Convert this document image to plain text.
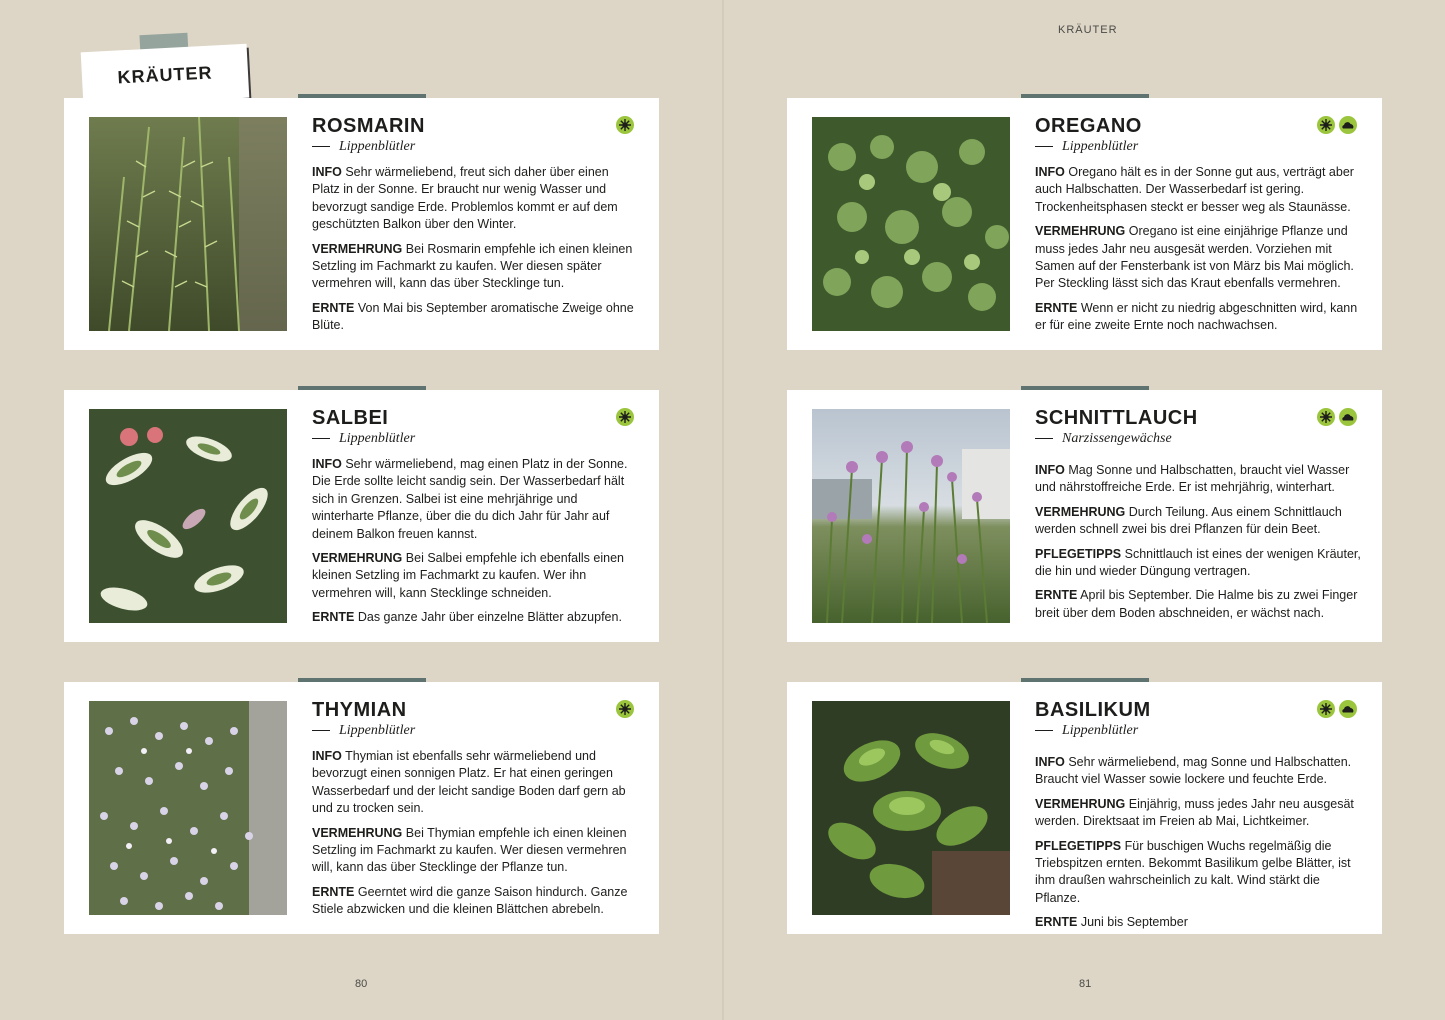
KRÄUTER
KRÄUTER
ROSMARIN
Lippenblütler

INFO Sehr wärmeliebend, freut sich daher über einen Platz in der Sonne. Er braucht nur wenig Wasser und bevorzugt sandige Erde. Problemlos kommt er auf dem geschützten Balkon über den Winter.

VERMEHRUNG Bei Rosmarin empfehle ich einen kleinen Setzling im Fachmarkt zu kaufen. Wer diesen später vermehren will, kann das über Stecklinge tun.

ERNTE Von Mai bis September aromatische Zweige ohne Blüte.

OREGANO
Lippenblütler

INFO Oregano hält es in der Sonne gut aus, verträgt aber auch Halbschatten. Der Wasserbedarf ist gering. Trockenheitsphasen steckt er besser weg als Staunässe.

VERMEHRUNG Oregano ist eine einjährige Pflanze und muss jedes Jahr neu ausgesät werden. Vorziehen mit Samen auf der Fensterbank ist von März bis Mai möglich. Per Steckling lässt sich das Kraut ebenfalls vermehren.

ERNTE Wenn er nicht zu niedrig abgeschnitten wird, kann er für eine zweite Ernte noch nachwachsen.

SALBEI
Lippenblütler

INFO Sehr wärmeliebend, mag einen Platz in der Sonne. Die Erde sollte leicht sandig sein. Der Wasserbedarf hält sich in Grenzen. Salbei ist eine mehrjährige und winterharte Pflanze, über die du dich Jahr für Jahr auf deinem Balkon freuen kannst.

VERMEHRUNG Bei Salbei empfehle ich ebenfalls einen kleinen Setzling im Fachmarkt zu kaufen. Wer ihn vermehren will, kann Stecklinge schneiden.

ERNTE Das ganze Jahr über einzelne Blätter abzupfen.

SCHNITTLAUCH
Narzissengewächse

INFO Mag Sonne und Halbschatten, braucht viel Wasser und nährstoffreiche Erde. Er ist mehrjährig, winterhart.

VERMEHRUNG Durch Teilung. Aus einem Schnittlauch werden schnell zwei bis drei Pflanzen für dein Beet.

PFLEGETIPPS Schnittlauch ist eines der wenigen Kräuter, die hin und wieder Düngung vertragen.

ERNTE April bis September. Die Halme bis zu zwei Finger breit über dem Boden abschneiden, er wächst nach.

THYMIAN
Lippenblütler

INFO Thymian ist ebenfalls sehr wärmeliebend und bevorzugt einen sonnigen Platz. Er hat einen geringen Wasserbedarf und der leicht sandige Boden darf gern ab und zu trocken sein.

VERMEHRUNG Bei Thymian empfehle ich einen kleinen Setzling im Fachmarkt zu kaufen. Wer diesen vermehren will, kann das über Stecklinge der Pflanze tun.

ERNTE Geerntet wird die ganze Saison hindurch. Ganze Stiele abzwicken und die kleinen Blättchen abrebeln.

BASILIKUM
Lippenblütler

INFO Sehr wärmeliebend, mag Sonne und Halbschatten. Braucht viel Wasser sowie lockere und feuchte Erde.

VERMEHRUNG Einjährig, muss jedes Jahr neu ausgesät werden. Direktsaat im Freien ab Mai, Lichtkeimer.

PFLEGETIPPS Für buschigen Wuchs regelmäßig die Triebspitzen ernten. Bekommt Basilikum gelbe Blätter, ist ihm draußen wahrscheinlich zu kalt. Wind stärkt die Pflanze.

ERNTE Juni bis September

80	81
